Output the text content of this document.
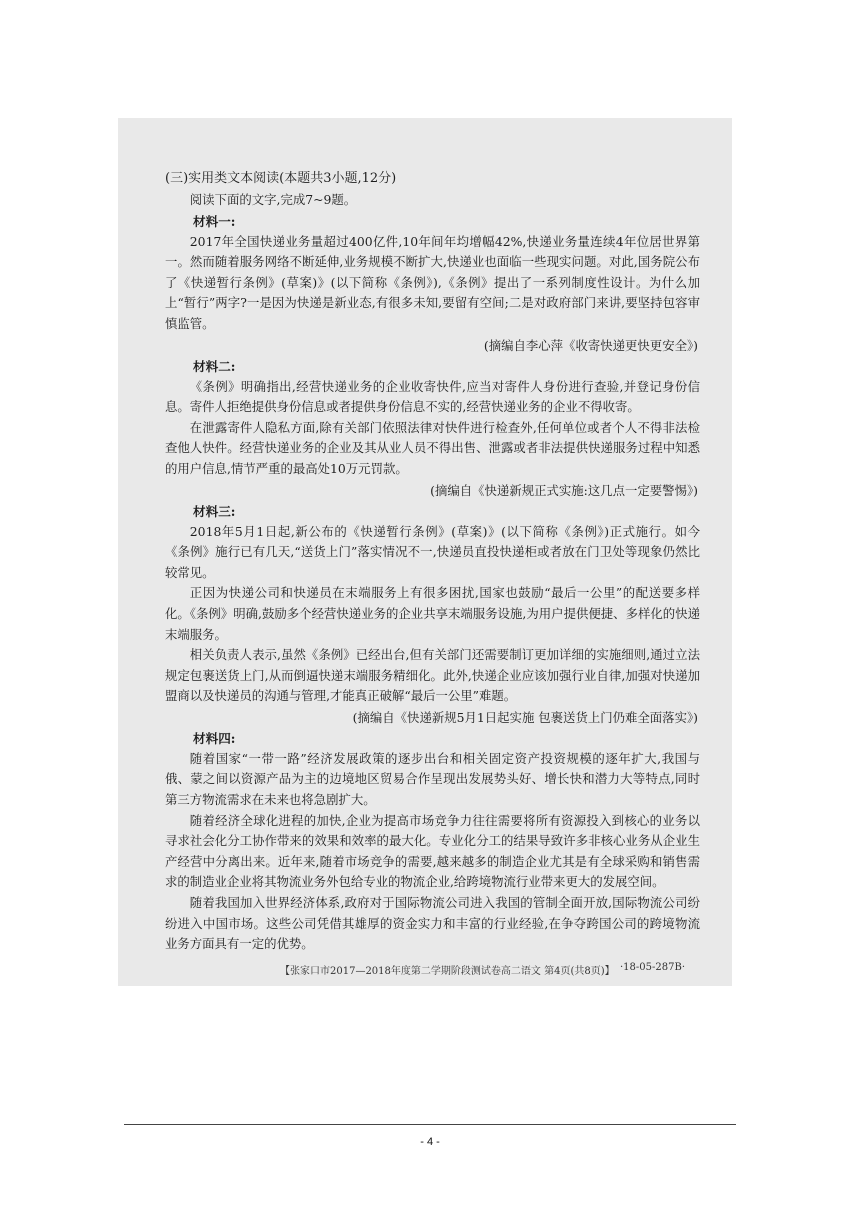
(三)实用类文本阅读(本题共3小题,12分)

阅读下面的文字,完成7~9题。

材料一:

2017年全国快递业务量超过400亿件,10年间年均增幅42%,快递业务量连续4年位居世界第一。然而随着服务网络不断延伸,业务规模不断扩大,快递业也面临一些现实问题。对此,国务院公布了《快递暂行条例》(草案)》(以下简称《条例》),《条例》提出了一系列制度性设计。为什么加上“暂行”两字?一是因为快递是新业态,有很多未知,要留有空间;二是对政府部门来讲,要坚持包容审慎监管。

(摘编自李心萍《收寄快递更快更安全》)

材料二:

《条例》明确指出,经营快递业务的企业收寄快件,应当对寄件人身份进行查验,并登记身份信息。寄件人拒绝提供身份信息或者提供身份信息不实的,经营快递业务的企业不得收寄。

在泄露寄件人隐私方面,除有关部门依照法律对快件进行检查外,任何单位或者个人不得非法检查他人快件。经营快递业务的企业及其从业人员不得出售、泄露或者非法提供快递服务过程中知悉的用户信息,情节严重的最高处10万元罚款。

(摘编自《快递新规正式实施:这几点一定要警惕》)

材料三:

2018年5月1日起,新公布的《快递暂行条例》(草案)》(以下简称《条例》)正式施行。如今《条例》施行已有几天,“送货上门”落实情况不一,快递员直投快递柜或者放在门卫处等现象仍然比较常见。

正因为快递公司和快递员在末端服务上有很多困扰,国家也鼓励“最后一公里”的配送要多样化。《条例》明确,鼓励多个经营快递业务的企业共享末端服务设施,为用户提供便捷、多样化的快递末端服务。

相关负责人表示,虽然《条例》已经出台,但有关部门还需要制订更加详细的实施细则,通过立法规定包裹送货上门,从而倒逼快递末端服务精细化。此外,快递企业应该加强行业自律,加强对快递加盟商以及快递员的沟通与管理,才能真正破解“最后一公里”难题。

(摘编自《快递新规5月1日起实施 包裹送货上门仍难全面落实》)

材料四:

随着国家“一带一路”经济发展政策的逐步出台和相关固定资产投资规模的逐年扩大,我国与俄、蒙之间以资源产品为主的边境地区贸易合作呈现出发展势头好、增长快和潜力大等特点,同时第三方物流需求在未来也将急剧扩大。

随着经济全球化进程的加快,企业为提高市场竞争力往往需要将所有资源投入到核心的业务以寻求社会化分工协作带来的效果和效率的最大化。专业化分工的结果导致许多非核心业务从企业生产经营中分离出来。近年来,随着市场竞争的需要,越来越多的制造企业尤其是有全球采购和销售需求的制造业企业将其物流业务外包给专业的物流企业,给跨境物流行业带来更大的发展空间。

随着我国加入世界经济体系,政府对于国际物流公司进入我国的管制全面开放,国际物流公司纷纷进入中国市场。这些公司凭借其雄厚的资金实力和丰富的行业经验,在争夺跨国公司的跨境物流业务方面具有一定的优势。

【张家口市2017—2018年度第二学期阶段测试卷高二语文 第4页(共8页)】 ·18-05-287B·
- 4 -
